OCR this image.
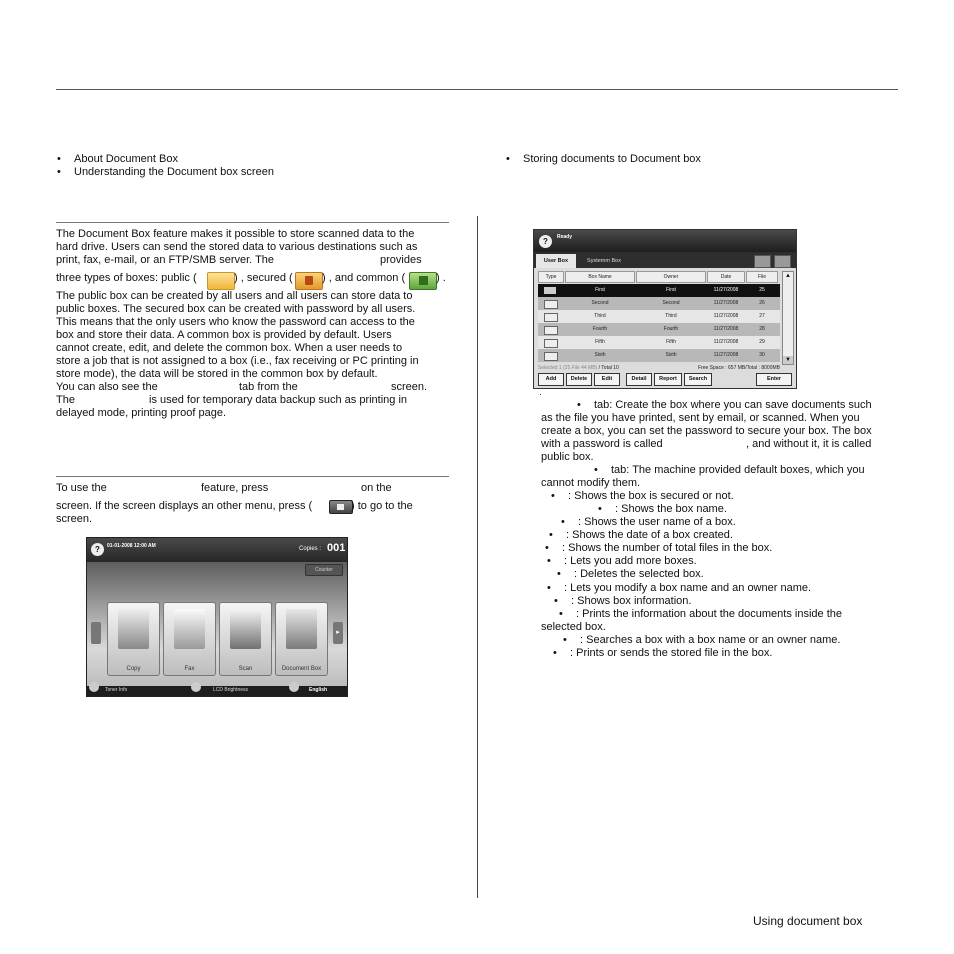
• About Document Box
• Understanding the Document box screen
• Storing documents to Document box
The Document Box feature makes it possible to store scanned data to the
hard drive. Users can send the stored data to various destinations such as
print, fax, e-mail, or an FTP/SMB server. The	provides
three types of boxes: public (	) , secured (	) , and common (	) .
The public box can be created by all users and all users can store data to
public boxes. The secured box can be created with password by all users.
This means that the only users who know the password can access to the
box and store their data. A common box is provided by default. Users
cannot create, edit, and delete the common box. When a user needs to
store a job that is not assigned to a box (i.e., fax receiving or PC printing in
store mode), the data will be stored in the common box by default.
You can also see the	tab from the	screen.
The	is used for temporary data backup such as printing in
delayed mode, printing proof page.
To use the	feature, press	on the
screen. If the screen displays an other menu, press (	) to go to the
screen.
?	01-01-2008 12:00 AM	Copies : 001
Counter
▸
Copy	Fax	Scan	Document Box
Toner Info	LCD Brightness	English
?	Ready
User Box	Systemm Box
Type	Box Name	Owner	Date	File
First	First	11/27/2008	25
Second	Second	11/27/2008	26
Third	Third	11/27/2008	27
Fourth	Fourth	11/27/2008	28
Fifth	Fifth	11/27/2008	29
Sixth	Sixth	11/27/2008	30
▲
▼
Selected 1 (25 File 44 MB) / Total 10	Free Space : 657 MB/Total : 8000MB
Add	Delete	Edit	Detail	Report	Search	Enter
·
• tab: Create the box where you can save documents such
as the file you have printed, sent by email, or scanned. When you
create a box, you can set the password to secure your box. The box
with a password is called	, and without it, it is called
public box.
• tab: The machine provided default boxes, which you
cannot modify them.
• : Shows the box is secured or not.
• : Shows the box name.
• : Shows the user name of a box.
• : Shows the date of a box created.
• : Shows the number of total files in the box.
• : Lets you add more boxes.
• : Deletes the selected box.
• : Lets you modify a box name and an owner name.
• : Shows box information.
• : Prints the information about the documents inside the
selected box.
• : Searches a box with a box name or an owner name.
• : Prints or sends the stored file in the box.
Using document box
